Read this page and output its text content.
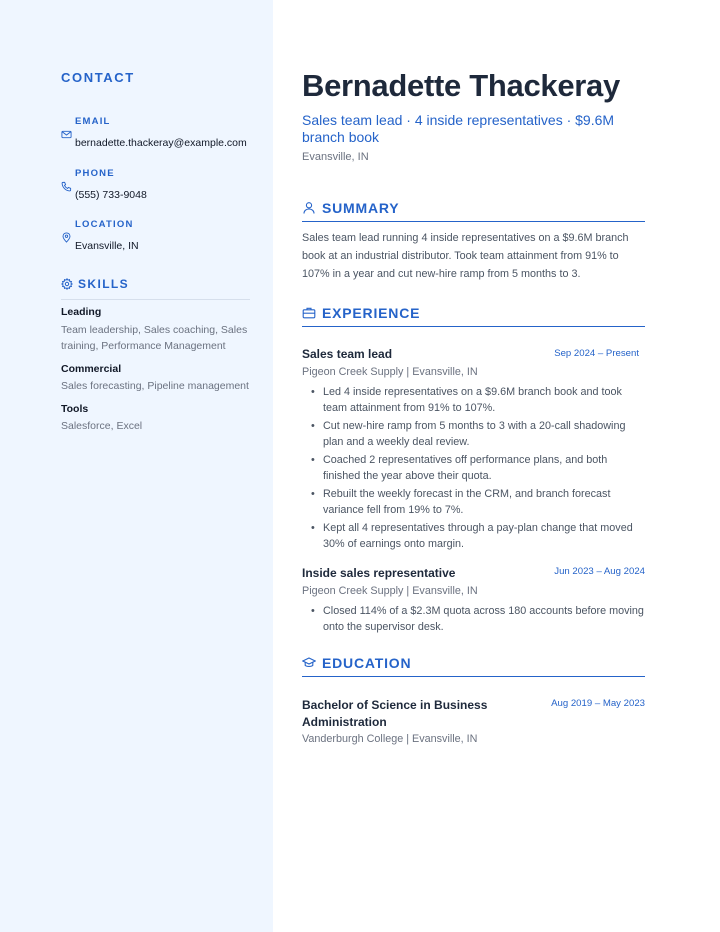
CONTACT
EMAIL
bernadette.thackeray@example.com
PHONE
(555) 733-9048
LOCATION
Evansville, IN
SKILLS
Leading
Team leadership, Sales coaching, Sales training, Performance Management
Commercial
Sales forecasting, Pipeline management
Tools
Salesforce, Excel
Bernadette Thackeray
Sales team lead · 4 inside representatives · $9.6M branch book
Evansville, IN
SUMMARY
Sales team lead running 4 inside representatives on a $9.6M branch book at an industrial distributor. Took team attainment from 91% to 107% in a year and cut new-hire ramp from 5 months to 3.
EXPERIENCE
Sales team lead	Sep 2024 – Present
Pigeon Creek Supply | Evansville, IN
• Led 4 inside representatives on a $9.6M branch book and took team attainment from 91% to 107%.
• Cut new-hire ramp from 5 months to 3 with a 20-call shadowing plan and a weekly deal review.
• Coached 2 representatives off performance plans, and both finished the year above their quota.
• Rebuilt the weekly forecast in the CRM, and branch forecast variance fell from 19% to 7%.
• Kept all 4 representatives through a pay-plan change that moved 30% of earnings onto margin.
Inside sales representative	Jun 2023 – Aug 2024
Pigeon Creek Supply | Evansville, IN
• Closed 114% of a $2.3M quota across 180 accounts before moving onto the supervisor desk.
EDUCATION
Bachelor of Science in Business Administration
Aug 2019 – May 2023
Vanderburgh College | Evansville, IN
